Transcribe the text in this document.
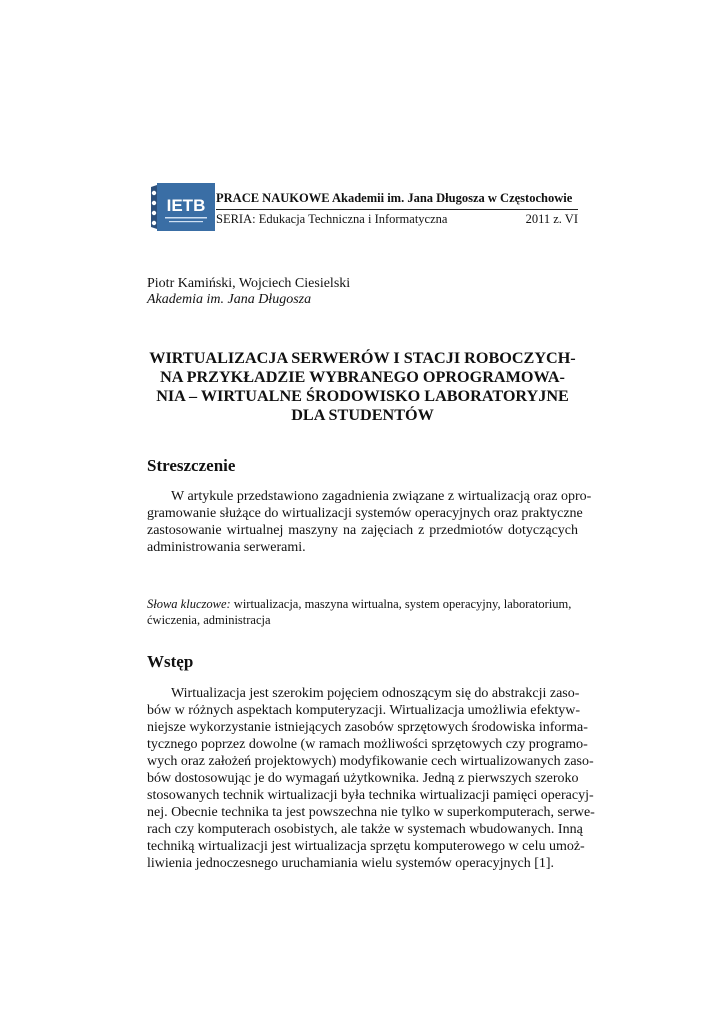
IETB PRACE NAUKOWE Akademii im. Jana Długosza w Częstochowie
SERIA: Edukacja Techniczna i Informatyczna	2011 z. VI
Piotr Kamiński, Wojciech Ciesielski
Akademia im. Jana Długosza
WIRTUALIZACJA SERWERÓW I STACJI ROBOCZYCH-
NA PRZYKŁADZIE WYBRANEGO OPROGRAMOWA-
NIA – WIRTUALNE ŚRODOWISKO LABORATORYJNE
DLA STUDENTÓW
Streszczenie

W artykule przedstawiono zagadnienia związane z wirtualizacją oraz opro-
gramowanie służące do wirtualizacji systemów operacyjnych oraz praktyczne
zastosowanie wirtualnej maszyny na zajęciach z przedmiotów dotyczących
administrowania serwerami.

Słowa kluczowe: wirtualizacja, maszyna wirtualna, system operacyjny, laboratorium,
ćwiczenia, administracja

Wstęp

Wirtualizacja jest szerokim pojęciem odnoszącym się do abstrakcji zaso-
bów w różnych aspektach komputeryzacji. Wirtualizacja umożliwia efektyw-
niejsze wykorzystanie istniejących zasobów sprzętowych środowiska informa-
tycznego poprzez dowolne (w ramach możliwości sprzętowych czy programo-
wych oraz założeń projektowych) modyfikowanie cech wirtualizowanych zaso-
bów dostosowując je do wymagań użytkownika. Jedną z pierwszych szeroko
stosowanych technik wirtualizacji była technika wirtualizacji pamięci operacyj-
nej. Obecnie technika ta jest powszechna nie tylko w superkomputerach, serwe-
rach czy komputerach osobistych, ale także w systemach wbudowanych. Inną
techniką wirtualizacji jest wirtualizacja sprzętu komputerowego w celu umoż-
liwienia jednoczesnego uruchamiania wielu systemów operacyjnych [1].
